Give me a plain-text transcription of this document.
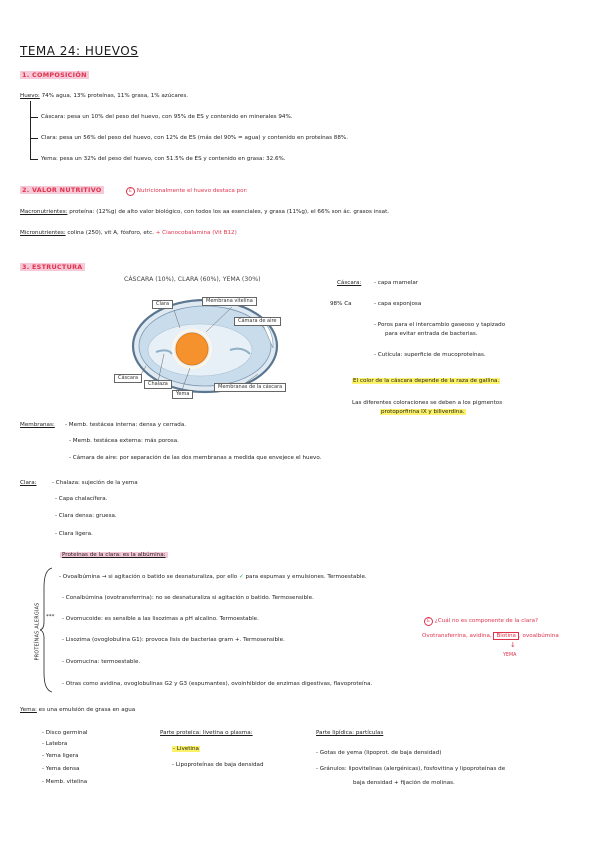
TEMA 24: HUEVOS
1. COMPOSICIÓN
Huevo: 74% agua, 13% proteínas, 11% grasa, 1% azúcares.
Cáscara: pesa un 10% del peso del huevo, con 95% de ES y contenido en minerales 94%.
Clara: pesa un 56% del peso del huevo, con 12% de ES (más del 90% = agua) y contenido en proteínas 88%.
Yema: pesa un 32% del peso del huevo, con 51.5% de ES y contenido en grasa: 32.6%.
2. VALOR NUTRITIVO	E Nutricionalmente el huevo destaca por:
Macronutrientes: proteína: (12%g) de alto valor biológico, con todos los aa esenciales, y grasa (11%g), el 66% son ác. grasos insat.
Micronutrientes: colina (250), vit A, fósforo, etc. + Cianocobalamina (Vit B12)
3. ESTRUCTURA
CÁSCARA (10%), CLARA (60%), YEMA (30%)
Clara	Membrana vitelina
Cámara de aire
Cáscara
Chalaza
Yema
Membranas de la cáscara
Cáscara: - capa mamelar
98% Ca	- capa esponjosa
- Poros para el intercambio gaseoso y tapizado
para evitar entrada de bacterias.
- Cutícula: superficie de mucoproteínas.
El color de la cáscara depende de la raza de gallina.
Las diferentes coloraciones se deben a los pigmentos
protoporfirina IX y biliverdina.
Membranas: - Memb. testácea interna: densa y cerrada.
- Memb. testácea externa: más porosa.
- Cámara de aire: por separación de las dos membranas a medida que envejece el huevo.
Clara:	- Chalaza: sujeción de la yema
- Capa chalacífera.
- Clara densa: gruesa.
- Clara ligera.
Proteínas de la clara: es la albúmina:
PROTEÍNAS ALERGIAS
- Ovoalbúmina → si agitación o batido se desnaturaliza, por ello ✓ para espumas y emulsiones. Termoestable.
- Conalbúmina (ovotransferrina): no se desnaturaliza si agitación o batido. Termosensible.
*** - Ovomucoide: es sensible a las lisozimas a pH alcalino. Termoestable.
- Lisozima (ovoglobulina G1): provoca lisis de bacterias gram +. Termosensible.
- Ovomucina: termoestable.
E ¿Cuál no es componente de la clara?
Ovotransferrina, avidina, Biotina , ovoalbúmina
↓
YEMA
- Otras como avidina, ovoglobulinas G2 y G3 (espumantes), ovoinhibidor de enzimas digestivas, flavoproteína.
Yema: es una emulsión de grasa en agua
- Disco germinal
- Latebra
- Yema ligera
- Yema densa
- Memb. vitelina
Parte proteica: livetina o plasma:
- Livetina
- Lipoproteínas de baja densidad
Parte lipídica: partículas
- Gotas de yema (lipoprot. de baja densidad)
- Gránulos: lipovitelinas (alergénicas), fosfovitina y lipoproteínas de
baja densidad + fijación de molinas.
